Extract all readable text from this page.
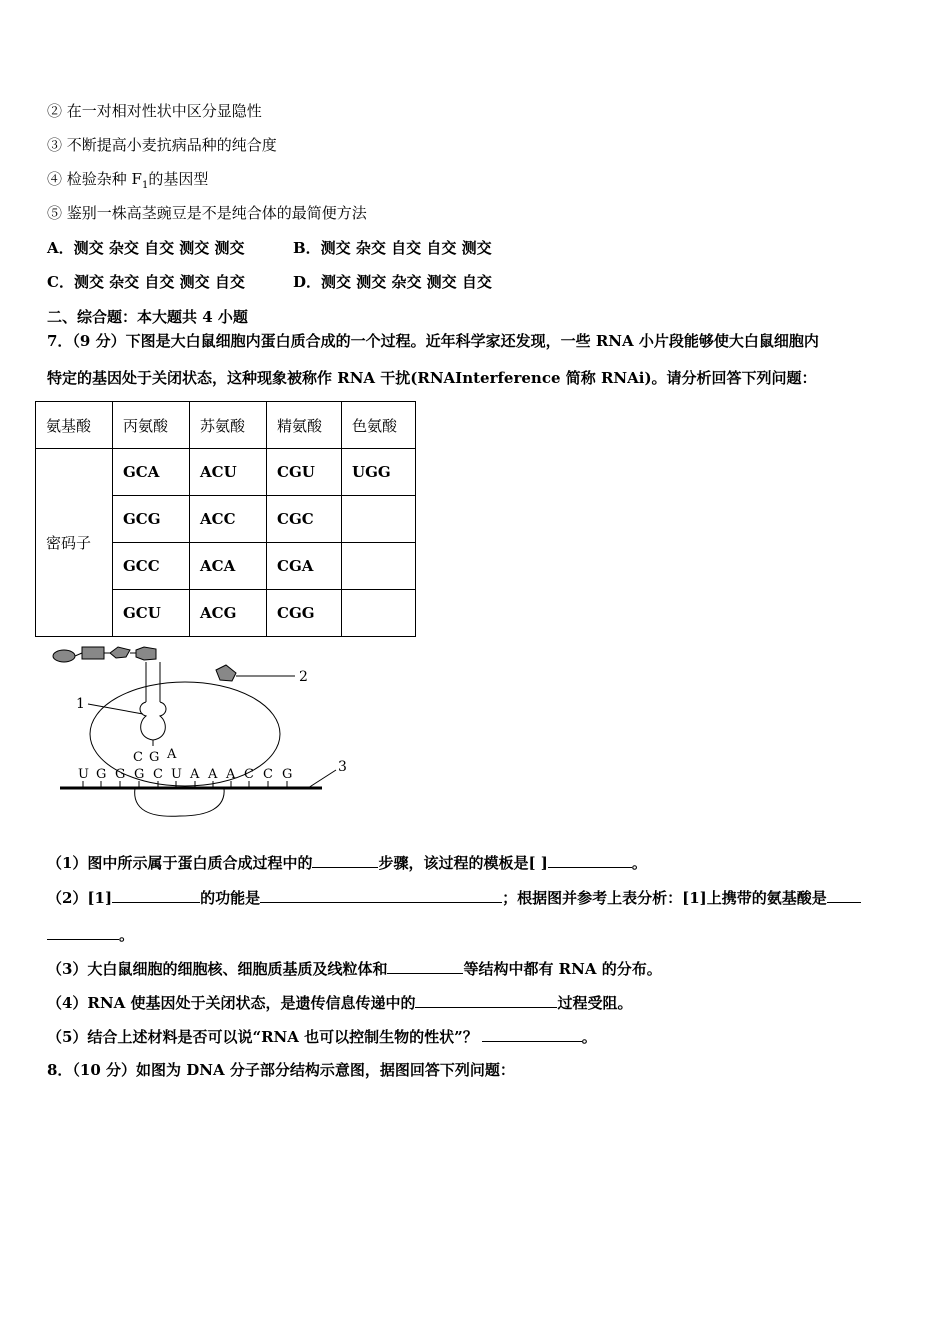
② 在一对相对性状中区分显隐性
③ 不断提高小麦抗病品种的纯合度
④ 检验杂种 $F_1$的基因型
⑤ 鉴别一株高茎豌豆是不是纯合体的最简便方法
A．测交 杂交 自交 测交 测交	B．测交 杂交 自交 自交 测交
C．测交 杂交 自交 测交 自交	D．测交 测交 杂交 测交 自交
二、综合题：本大题共 4 小题
7．（9 分）下图是大白鼠细胞内蛋白质合成的一个过程。近年科学家还发现，一些 RNA 小片段能够使大白鼠细胞内
特定的基因处于关闭状态，这种现象被称作 RNA 干扰(RNAInterference 简称 RNAi)。请分析回答下列问题：
氨基酸	丙氨酸	苏氨酸	精氨酸	色氨酸
密码子	GCA	ACU	CGU	UGG
	GCG	ACC	CGC	
	GCC	ACA	CGA	
	GCU	ACG	CGG	
2
1
C G A
U G G G C U A A A C C G	3
（1）图中所示属于蛋白质合成过程中的	步骤，该过程的模板是[ ]	。
（2）[1]	的功能是	；根据图并参考上表分析：[1]上携带的氨基酸是
。
（3）大白鼠细胞的细胞核、细胞质基质及线粒体和	等结构中都有 RNA 的分布。
（4）RNA 使基因处于关闭状态，是遗传信息传递中的	过程受阻。
（5）结合上述材料是否可以说“RNA 也可以控制生物的性状”？	。
8．（10 分）如图为 DNA 分子部分结构示意图，据图回答下列问题：
